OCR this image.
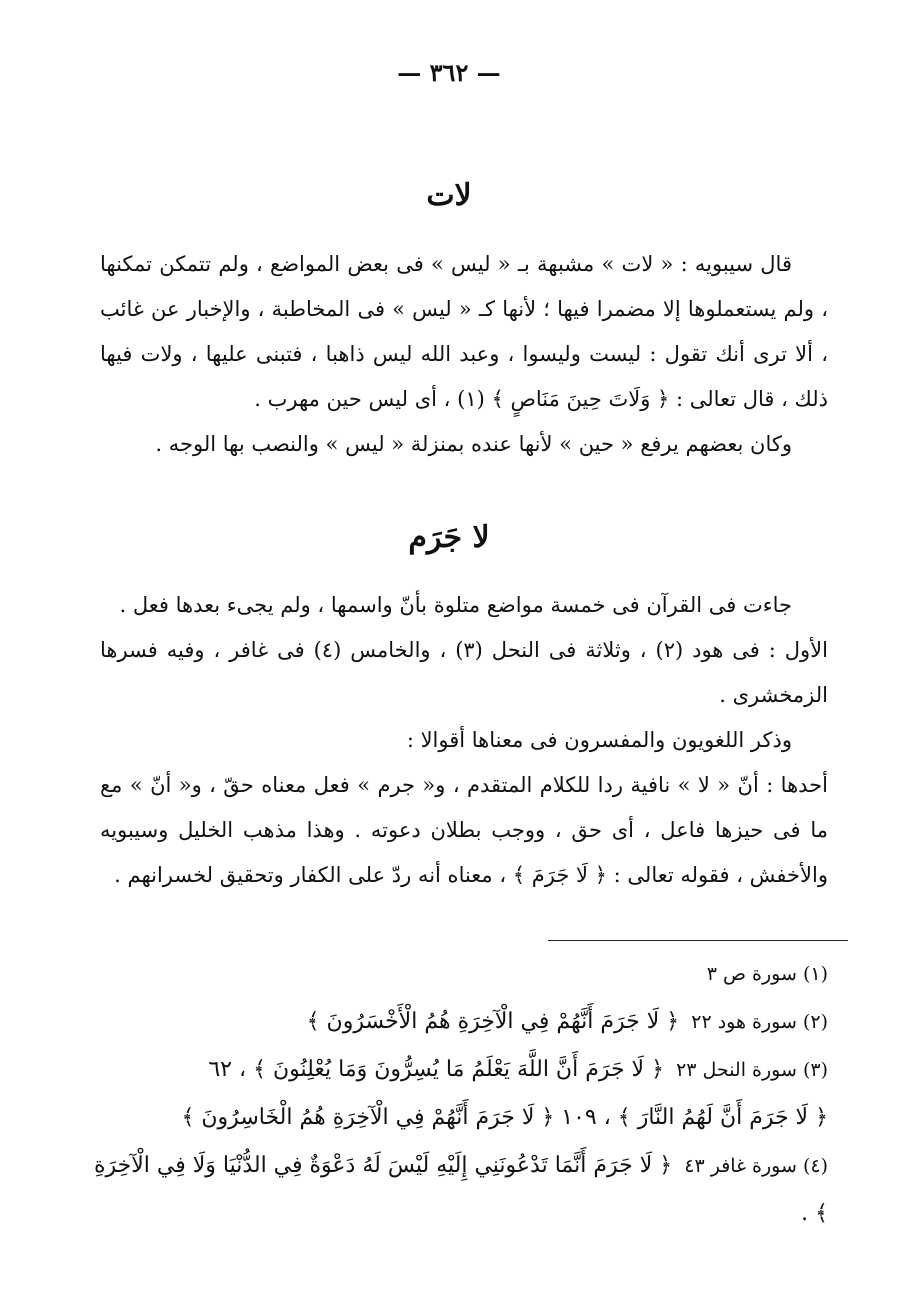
— ٣٦٢ —
لات

قال سيبويه : « لات » مشبهة بـ « ليس » فى بعض المواضع ، ولم تتمكن تمكنها ، ولم يستعملوها إلا مضمرا فيها ؛ لأنها كـ « ليس » فى المخاطبة ، والإخبار عن غائب ، ألا ترى أنك تقول : ليست وليسوا ، وعبد الله ليس ذاهبا ، فتبنى عليها ، ولات فيها ذلك ، قال تعالى : ﴿ وَلَاتَ حِينَ مَنَاصٍ ﴾ (١) ، أى ليس حين مهرب .

وكان بعضهم يرفع « حين » لأنها عنده بمنزلة « ليس » والنصب بها الوجه .

لا جَرَم

جاءت فى القرآن فى خمسة مواضع متلوة بأنّ واسمها ، ولم يجىء بعدها فعل .

الأول : فى هود (٢) ، وثلاثة فى النحل (٣) ، والخامس (٤) فى غافر ، وفيه فسرها الزمخشرى .

وذكر اللغويون والمفسرون فى معناها أقوالا :

أحدها : أنّ « لا » نافية ردا للكلام المتقدم ، و« جرم » فعل معناه حقّ ، و« أنّ » مع ما فى حيزها فاعل ، أى حق ، ووجب بطلان دعوته . وهذا مذهب الخليل وسيبويه والأخفش ، فقوله تعالى : ﴿ لَا جَرَمَ ﴾ ، معناه أنه ردّ على الكفار وتحقيق لخسرانهم .

(١) سورة ص ٣

(٢) سورة هود ٢٢  ﴿ لَا جَرَمَ أَنَّهُمْ فِي الْآخِرَةِ هُمُ الْأَخْسَرُونَ ﴾

(٣) سورة النحل ٢٣  ﴿ لَا جَرَمَ أَنَّ اللَّهَ يَعْلَمُ مَا يُسِرُّونَ وَمَا يُعْلِنُونَ ﴾ ، ٦٢

﴿ لَا جَرَمَ أَنَّ لَهُمُ النَّارَ ﴾ ، ١٠٩ ﴿ لَا جَرَمَ أَنَّهُمْ فِي الْآخِرَةِ هُمُ الْخَاسِرُونَ ﴾

(٤) سورة غافر ٤٣  ﴿ لَا جَرَمَ أَنَّمَا تَدْعُونَنِي إِلَيْهِ لَيْسَ لَهُ دَعْوَةٌ فِي الدُّنْيَا وَلَا فِي الْآخِرَةِ ﴾ .
